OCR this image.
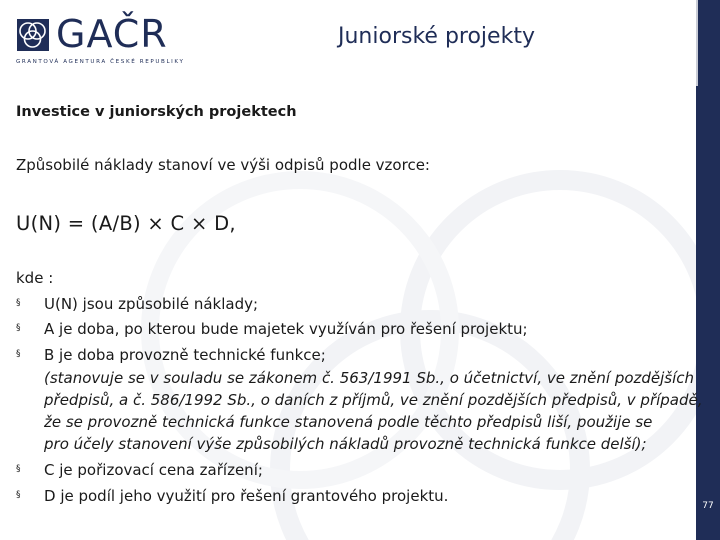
GAČR
GRANTOVÁ AGENTURA ČESKÉ REPUBLIKY
Juniorské projekty
Investice v juniorských projektech
Způsobilé náklady stanoví ve výši odpisů podle vzorce:
U(N) = (A/B) × C × D,
kde :
§ U(N) jsou způsobilé náklady;
§ A je doba, po kterou bude majetek využíván pro řešení projektu;
§ B je doba provozně technické funkce;
(stanovuje se v souladu se zákonem č. 563/1991 Sb., o účetnictví, ve znění pozdějších
předpisů, a č. 586/1992 Sb., o daních z příjmů, ve znění pozdějších předpisů, v případě,
že se provozně technická funkce stanovená podle těchto předpisů liší, použije se
pro účely stanovení výše způsobilých nákladů provozně technická funkce delší);
§ C je pořizovací cena zařízení;
§ D je podíl jeho využití pro řešení grantového projektu.
77
